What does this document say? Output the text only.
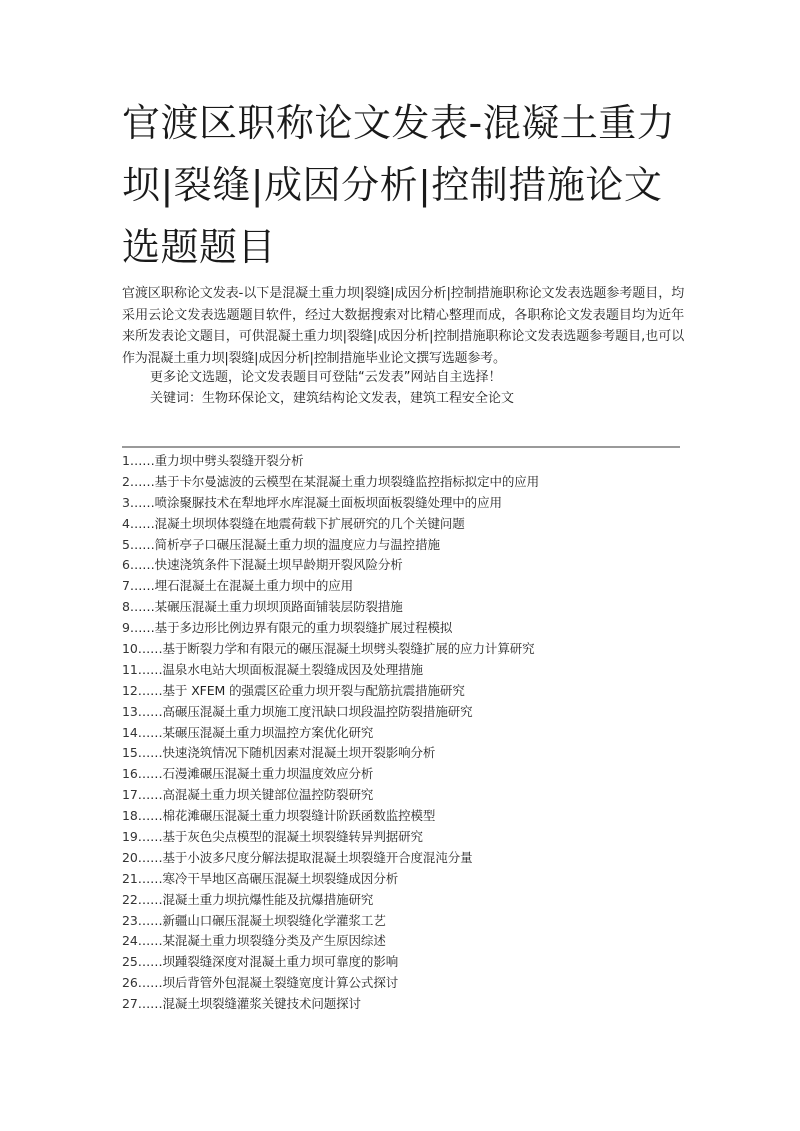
官渡区职称论文发表-混凝土重力坝|裂缝|成因分析|控制措施论文选题题目

官渡区职称论文发表-以下是混凝土重力坝|裂缝|成因分析|控制措施职称论文发表选题参考题目，均采用云论文发表选题题目软件，经过大数据搜索对比精心整理而成，各职称论文发表题目均为近年来所发表论文题目，可供混凝土重力坝|裂缝|成因分析|控制措施职称论文发表选题参考题目,也可以作为混凝土重力坝|裂缝|成因分析|控制措施毕业论文撰写选题参考。

更多论文选题，论文发表题目可登陆“云发表”网站自主选择！
关键词：生物环保论文，建筑结构论文发表，建筑工程安全论文
1……重力坝中劈头裂缝开裂分析
2……基于卡尔曼滤波的云模型在某混凝土重力坝裂缝监控指标拟定中的应用
3……喷涂聚脲技术在犁地坪水库混凝土面板坝面板裂缝处理中的应用
4……混凝土坝坝体裂缝在地震荷载下扩展研究的几个关键问题
5……简析亭子口碾压混凝土重力坝的温度应力与温控措施
6……快速浇筑条件下混凝土坝早龄期开裂风险分析
7……埋石混凝土在混凝土重力坝中的应用
8……某碾压混凝土重力坝坝顶路面铺装层防裂措施
9……基于多边形比例边界有限元的重力坝裂缝扩展过程模拟
10……基于断裂力学和有限元的碾压混凝土坝劈头裂缝扩展的应力计算研究
11……温泉水电站大坝面板混凝土裂缝成因及处理措施
12……基于 XFEM 的强震区砼重力坝开裂与配筋抗震措施研究
13……高碾压混凝土重力坝施工度汛缺口坝段温控防裂措施研究
14……某碾压混凝土重力坝温控方案优化研究
15……快速浇筑情况下随机因素对混凝土坝开裂影响分析
16……石漫滩碾压混凝土重力坝温度效应分析
17……高混凝土重力坝关键部位温控防裂研究
18……棉花滩碾压混凝土重力坝裂缝计阶跃函数监控模型
19……基于灰色尖点模型的混凝土坝裂缝转异判据研究
20……基于小波多尺度分解法提取混凝土坝裂缝开合度混沌分量
21……寒冷干旱地区高碾压混凝土坝裂缝成因分析
22……混凝土重力坝抗爆性能及抗爆措施研究
23……新疆山口碾压混凝土坝裂缝化学灌浆工艺
24……某混凝土重力坝裂缝分类及产生原因综述
25……坝踵裂缝深度对混凝土重力坝可靠度的影响
26……坝后背管外包混凝土裂缝宽度计算公式探讨
27……混凝土坝裂缝灌浆关键技术问题探讨
